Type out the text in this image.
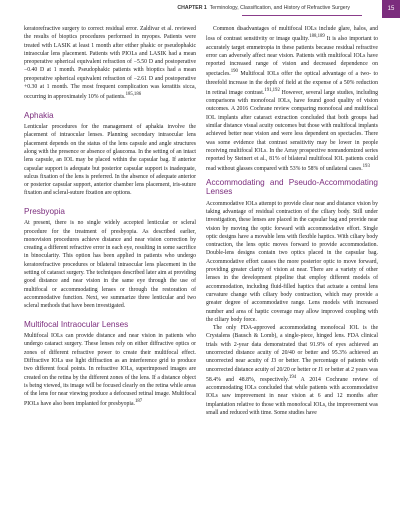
CHAPTER 1 Terminology, Classification, and History of Refractive Surgery	15

keratorefractive surgery to correct residual error. Zaldivar et al. reviewed the results of bioptics procedures performed in myopes. Patients were treated with LASIK at least 1 month after either phakic or pseudophakic intraocular lens placement. Patients with PIOLs and LASIK had a mean preoperative spherical equivalent refraction of −5.50 D and postoperative −0.40 D at 1 month. Pseudophakic patients with bioptics had a mean preoperative spherical equivalent refraction of −2.61 D and postoperative +0.30 at 1 month. The most frequent complication was keratitis sicca, occurring in approximately 10% of patients.$^{185,186}$

Aphakia

Lenticular procedures for the management of aphakia involve the placement of intraocular lenses. Planning secondary intraocular lens placement depends on the status of the lens capsule and angle structures along with the presence or absence of glaucoma. In the setting of an intact lens capsule, an IOL may be placed within the capsular bag. If anterior capsular support is adequate but posterior capsular support is inadequate, sulcus fixation of the lens is preferred. In the absence of adequate anterior or posterior capsular support, anterior chamber lens placement, iris-suture fixation and scleral-suture fixation are options.

Presbyopia

At present, there is no single widely accepted lenticular or scleral procedure for the treatment of presbyopia. As described earlier, monovision procedures achieve distance and near vision correction by creating a different refractive error in each eye, resulting in some sacrifice in binocularity. This option has been applied in patients who undergo keratorefractive procedures or bilateral intraocular lens placement in the setting of cataract surgery. The techniques described later aim at providing good distance and near vision in the same eye through the use of multifocal or accommodating lenses or through the restoration of accommodative function. Next, we summarize three lenticular and two scleral methods that have been investigated.

Multifocal Intraocular Lenses

Multifocal IOLs can provide distance and near vision in patients who undergo cataract surgery. These lenses rely on either diffractive optics or zones of different refractive power to create their multifocal effect. Diffractive IOLs use light diffraction as an interference grid to produce two different focal points. In refractive IOLs, superimposed images are created on the retina by the different zones of the lens. If a distance object is being viewed, its image will be focused clearly on the retina while areas of the lens for near viewing produce a defocused retinal image. Multifocal PIOLs have also been implanted for presbyopia.$^{187}$

Common disadvantages of multifocal IOLs include glare, halos, and loss of contrast sensitivity or image quality.$^{188,189}$ It is also important to accurately target emmetropia in these patients because residual refractive error can adversely affect near vision. Patients with multifocal IOLs have reported increased range of vision and decreased dependence on spectacles.$^{190}$ Multifocal IOLs offer the optical advantage of a two- to threefold increase in the depth of field at the expense of a 50% reduction in retinal image contrast.$^{191,192}$ However, several large studies, including comparisons with monofocal IOLs, have found good quality of vision outcomes. A 2016 Cochrane review comparing monofocal and multifocal IOL implants after cataract extraction concluded that both groups had similar distance visual acuity outcomes but those with multifocal implants achieved better near vision and were less dependent on spectacles. There was some evidence that contrast sensitivity may be lower in people receiving multifocal IOLs. In the Array prospective nonrandomized series reported by Steinert et al., 81% of bilateral multifocal IOL patients could read without glasses compared with 53% to 58% of unilateral cases.$^{193}$

Accommodating and Pseudo-Accommodating Lenses

Accommodative IOLs attempt to provide clear near and distance vision by taking advantage of residual contraction of the ciliary body. Still under investigation, these lenses are placed in the capsular bag and provide near vision by moving the optic forward with accommodative effort. Single optic designs have a movable lens with flexible haptics. With ciliary body contraction, the lens optic moves forward to provide accommodation. Double-lens designs contain two optics placed in the capsular bag. Accommodative effort causes the more posterior optic to move forward, providing greater clarity of vision at near. There are a variety of other lenses in the development pipeline that employ different models of accommodation, including fluid-filled haptics that actuate a central lens curvature change with ciliary body contraction, which may provide a greater degree of accommodative range. Lens models with increased number and area of haptic coverage may allow improved coupling with the ciliary body force.

The only FDA-approved accommodating monofocal IOL is the Crystalens (Bausch & Lomb), a single-piece, hinged lens. FDA clinical trials with 2-year data demonstrated that 91.9% of eyes achieved an uncorrected distance acuity of 20/40 or better and 95.3% achieved an uncorrected near acuity of J3 or better. The percentage of patients with uncorrected distance acuity of 20/20 or better or J1 or better at 2 years was 58.4% and 48.8%, respectively.$^{194}$ A 2014 Cochrane review of accommodating IOLs concluded that while patients with accommodative IOLs saw improvement in near vision at 6 and 12 months after implantation relative to those with monofocal IOLs, the improvement was small and reduced with time. Some studies have
